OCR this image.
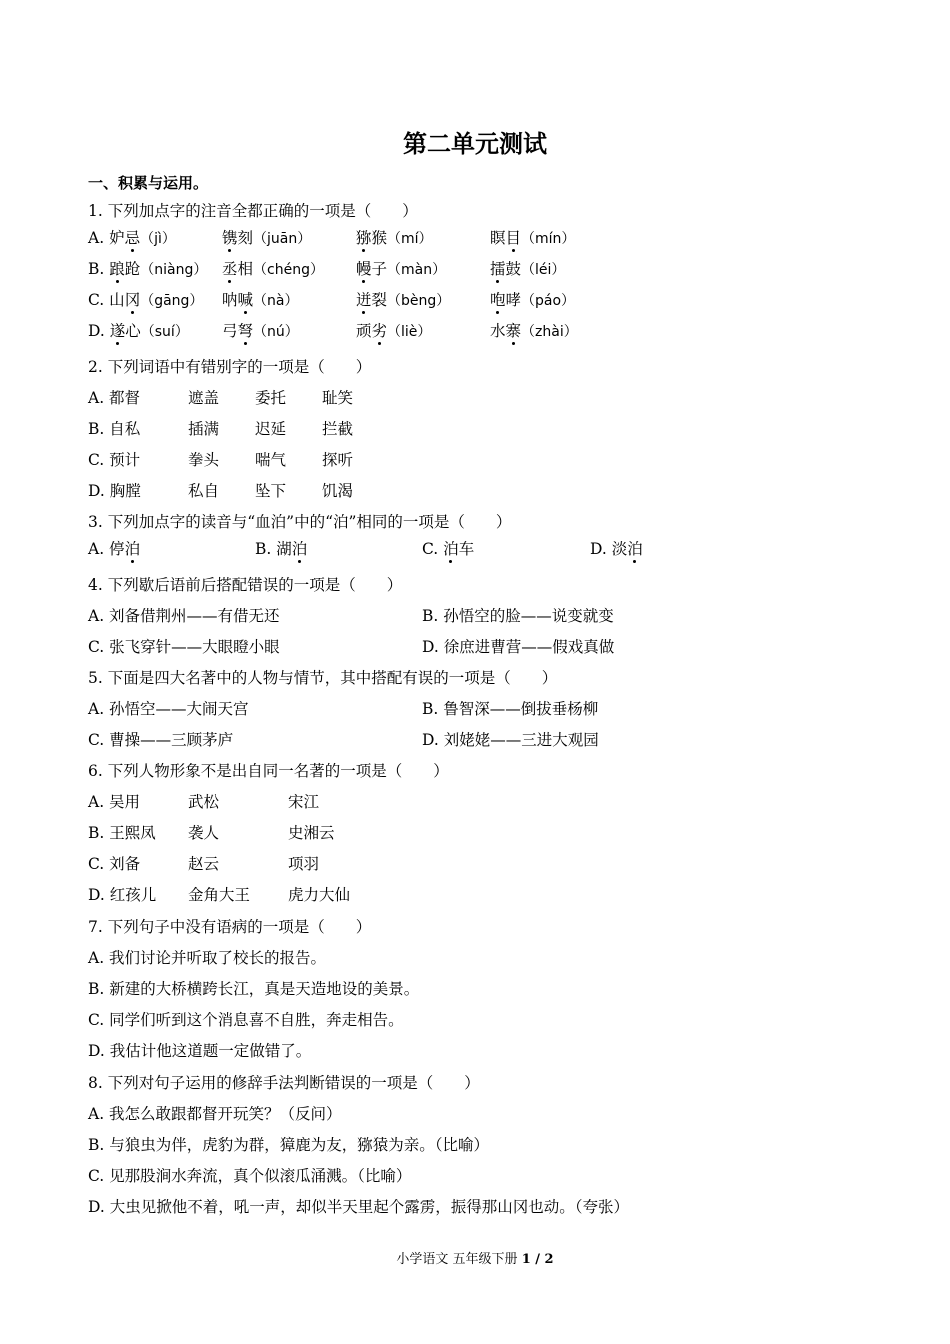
第二单元测试
一、积累与运用。
1. 下列加点字的注音全都正确的一项是（　　）
A. 妒忌（jì）	镌刻（juān）	猕猴（mí）	瞑目（mín）
B. 踉跄（niàng） 丞相（chéng） 幔子（màn）	擂鼓（léi）
C. 山冈（gāng） 呐喊（nà）	迸裂（bèng）	咆哮（páo）
D. 遂心（suí） 弓弩（nú）	顽劣（liè）	水寨（zhài）
2. 下列词语中有错别字的一项是（　　）
A. 都督	遮盖 委托 耻笑
B. 自私	插满 迟延 拦截
C. 预计	拳头 喘气 探听
D. 胸膛	私自 坠下 饥渴
3. 下列加点字的读音与“血泊”中的“泊”相同的一项是（　　）
A. 停泊	B. 湖泊	C. 泊车	D. 淡泊
4. 下列歇后语前后搭配错误的一项是（　　）
A. 刘备借荆州——有借无还	B. 孙悟空的脸——说变就变
C. 张飞穿针——大眼瞪小眼	D. 徐庶进曹营——假戏真做
5. 下面是四大名著中的人物与情节，其中搭配有误的一项是（　　）
A. 孙悟空——大闹天宫	B. 鲁智深——倒拔垂杨柳
C. 曹操——三顾茅庐	D. 刘姥姥——三进大观园
6. 下列人物形象不是出自同一名著的一项是（　　）
A. 吴用	武松	宋江
B. 王熙凤 袭人	史湘云
C. 刘备	赵云	项羽
D. 红孩儿 金角大王 虎力大仙
7. 下列句子中没有语病的一项是（　　）
A. 我们讨论并听取了校长的报告。
B. 新建的大桥横跨长江，真是天造地设的美景。
C. 同学们听到这个消息喜不自胜，奔走相告。
D. 我估计他这道题一定做错了。
8. 下列对句子运用的修辞手法判断错误的一项是（　　）
A. 我怎么敢跟都督开玩笑？（反问）
B. 与狼虫为伴，虎豹为群，獐鹿为友，猕猿为亲。（比喻）
C. 见那股涧水奔流，真个似滚瓜涌溅。（比喻）
D. 大虫见掀他不着，吼一声，却似半天里起个露雳，振得那山冈也动。（夸张）
小学语文 五年级下册 1 / 2
